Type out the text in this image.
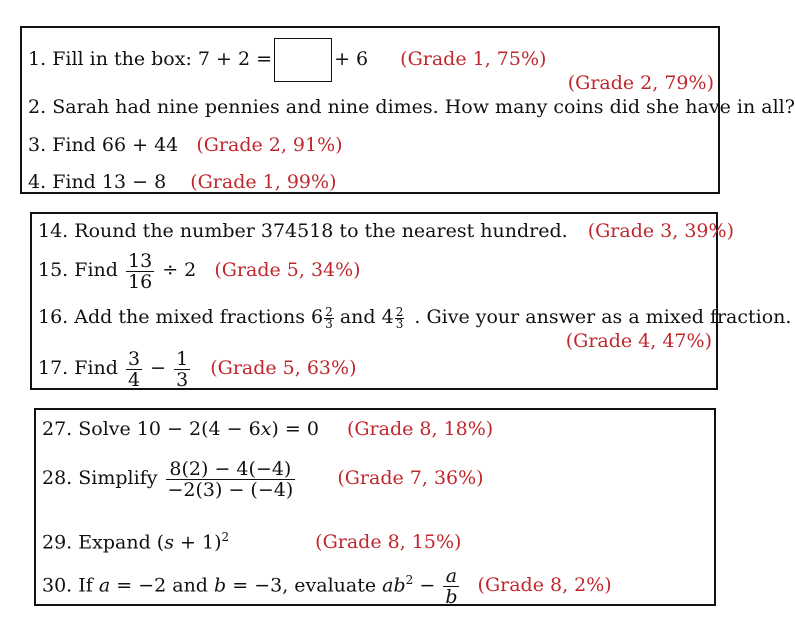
1. Fill in the box: 7 + 2 =	+ 6 (Grade 1, 75%)
(Grade 2, 79%)
2. Sarah had nine pennies and nine dimes. How many coins did she have in all?
3. Find 66 + 44 (Grade 2, 91%)
4. Find 13 − 8 (Grade 1, 99%)
14. Round the number 374518 to the nearest hundred. (Grade 3, 39%)
15. Find $\frac{13}{16} \div 2$ (Grade 5, 34%)
16. Add the mixed fractions $6 \frac{2}{3}$ and $4 \frac{2}{3}$ . Give your answer as a mixed fraction.
(Grade 4, 47%)
17. Find $\frac{3}{4} - \frac{1}{3}$ (Grade 5, 63%)
27. Solve 10 − 2(4 − 6x) = 0 (Grade 8, 18%)
28. Simplify $\frac{8(2) - 4(-4)}{-2(3) - (-4)}$ (Grade 7, 36%)
29. Expand $(s + 1)^2$	(Grade 8, 15%)
30. If a = −2 and b = −3, evaluate $ab^2 - \frac{a}{b}$ (Grade 8, 2%)
